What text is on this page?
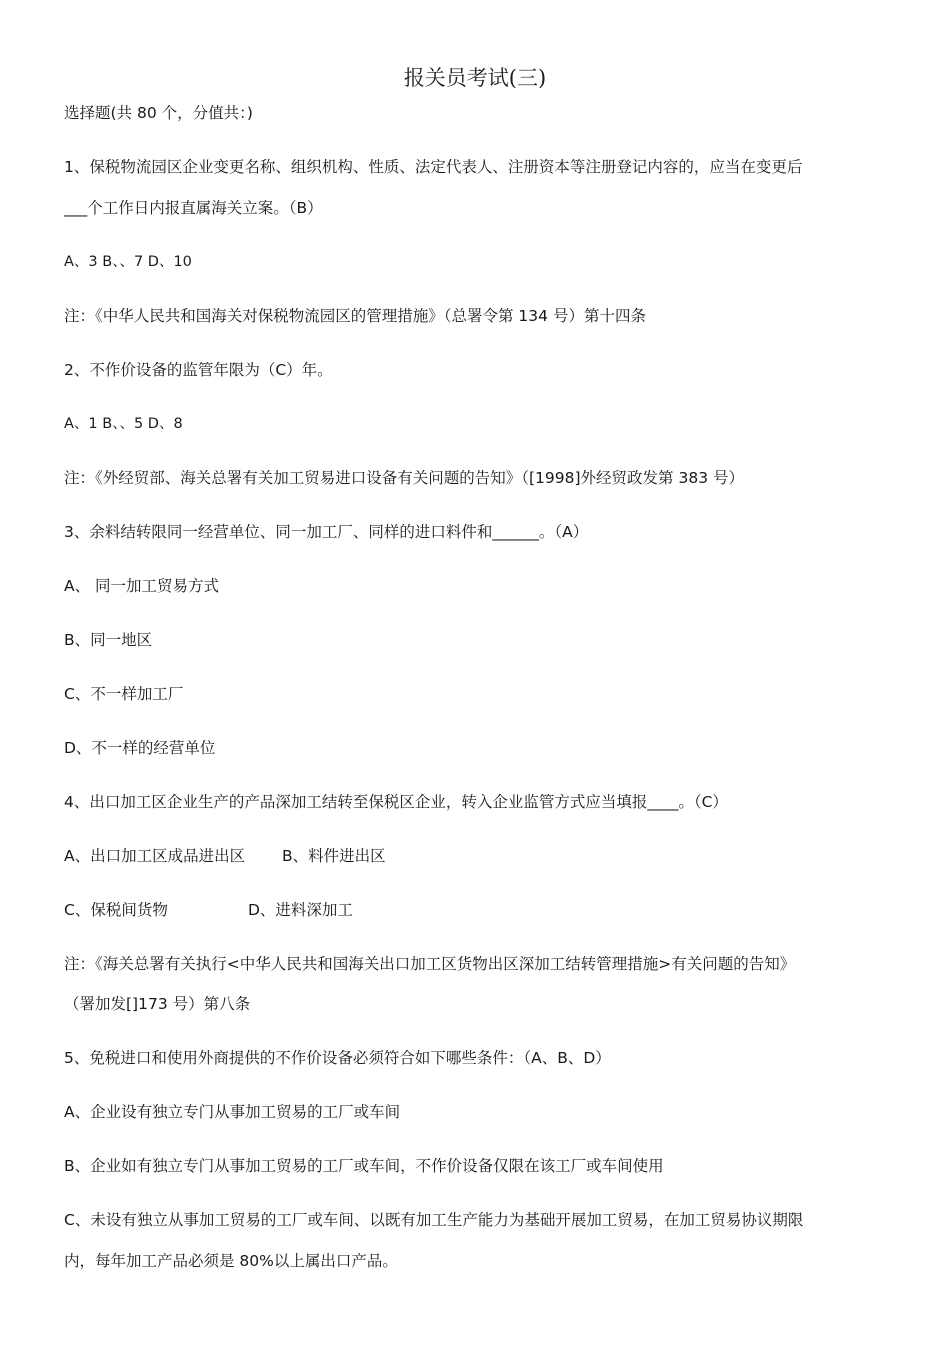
报关员考试(三)
选择题(共 80 个，分值共：)
1、保税物流园区企业变更名称、组织机构、性质、法定代表人、注册资本等注册登记内容的，应当在变更后
___个工作日内报直属海关立案。（B）
A、3 B、、7 D、10
注：《中华人民共和国海关对保税物流园区的管理措施》（总署令第 134 号）第十四条
2、不作价设备的监管年限为（C）年。
A、1 B、、5 D、8
注：《外经贸部、海关总署有关加工贸易进口设备有关问题的告知》（[1998]外经贸政发第 383 号）
3、余料结转限同一经营单位、同一加工厂、同样的进口料件和______。（A）
A、 同一加工贸易方式
B、同一地区
C、不一样加工厂
D、不一样的经营单位
4、出口加工区企业生产的产品深加工结转至保税区企业，转入企业监管方式应当填报____。（C）
A、出口加工区成品进出区 B、料件进出区
C、保税间货物	D、进料深加工
注：《海关总署有关执行<中华人民共和国海关出口加工区货物出区深加工结转管理措施>有关问题的告知》
（署加发[]173 号）第八条
5、免税进口和使用外商提供的不作价设备必须符合如下哪些条件：（A、B、D）
A、企业设有独立专门从事加工贸易的工厂或车间
B、企业如有独立专门从事加工贸易的工厂或车间，不作价设备仅限在该工厂或车间使用
C、未设有独立从事加工贸易的工厂或车间、以既有加工生产能力为基础开展加工贸易，在加工贸易协议期限
内，每年加工产品必须是 80%以上属出口产品。
